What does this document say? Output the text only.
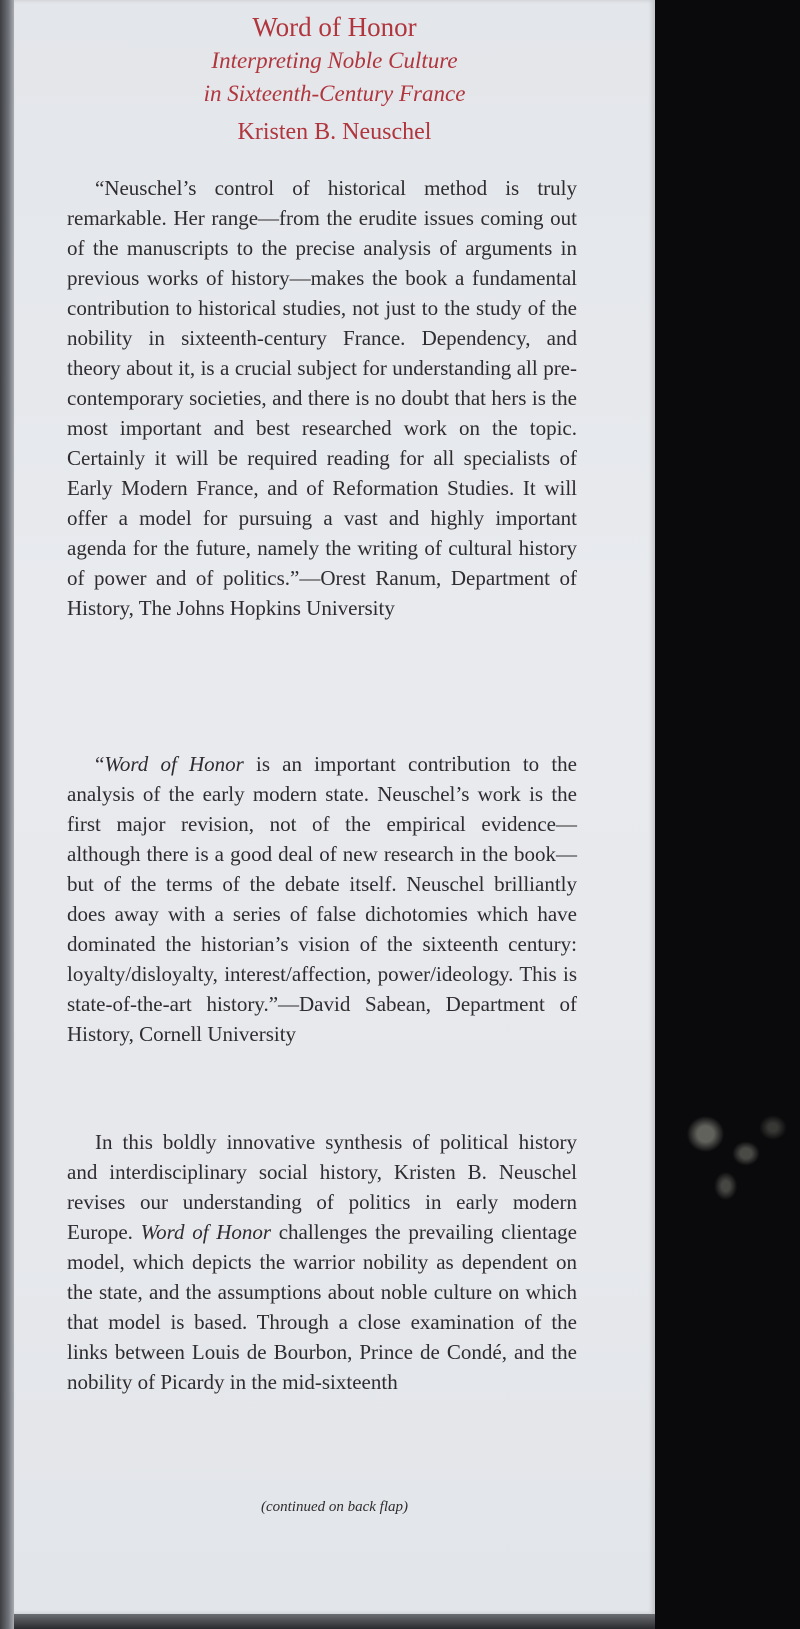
Word of Honor
Interpreting Noble Culture
in Sixteenth-Century France
Kristen B. Neuschel

“Neuschel’s control of historical method is truly remarkable. Her range—from the erudite issues coming out of the manuscripts to the precise analysis of arguments in previous works of history—makes the book a fundamental contribution to historical studies, not just to the study of the nobility in sixteenth-century France. Dependency, and theory about it, is a crucial subject for understanding all pre-contemporary societies, and there is no doubt that hers is the most important and best researched work on the topic. Certainly it will be required reading for all specialists of Early Modern France, and of Reformation Studies. It will offer a model for pursuing a vast and highly important agenda for the future, namely the writing of cultural history of power and of politics.”—Orest Ranum, Department of History, The Johns Hopkins University

“Word of Honor is an important contribution to the analysis of the early modern state. Neuschel’s work is the first major revision, not of the empirical evidence—although there is a good deal of new research in the book—but of the terms of the debate itself. Neuschel brilliantly does away with a series of false dichotomies which have dominated the historian’s vision of the sixteenth century: loyalty/disloyalty, interest/affection, power/ideology. This is state-of-the-art history.”—David Sabean, Department of History, Cornell University

In this boldly innovative synthesis of political history and interdisciplinary social history, Kristen B. Neuschel revises our understanding of politics in early modern Europe. Word of Honor challenges the prevailing clientage model, which depicts the warrior nobility as dependent on the state, and the assumptions about noble culture on which that model is based. Through a close examination of the links between Louis de Bourbon, Prince de Condé, and the nobility of Picardy in the mid-sixteenth

(continued on back flap)
